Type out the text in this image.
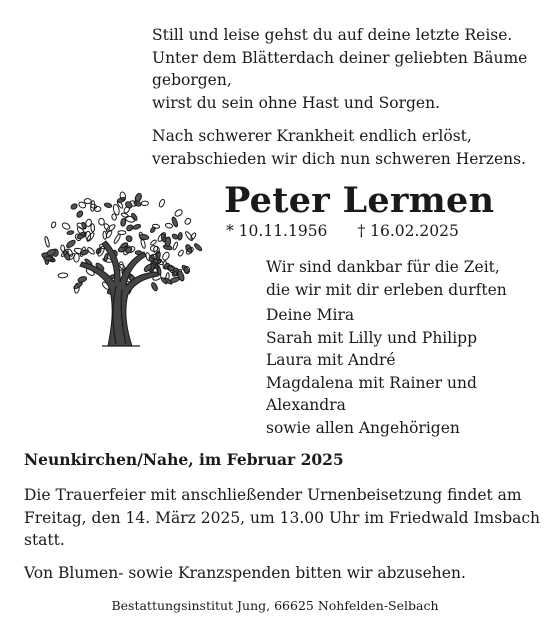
Still und leise gehst du auf deine letzte Reise.
Unter dem Blätterdach deiner geliebten Bäume
geborgen,
wirst du sein ohne Hast und Sorgen.
Nach schwerer Krankheit endlich erlöst,
verabschieden wir dich nun schweren Herzens.
Peter Lermen
* 10.11.1956 † 16.02.2025
Wir sind dankbar für die Zeit,
die wir mit dir erleben durften
Deine Mira
Sarah mit Lilly und Philipp
Laura mit André
Magdalena mit Rainer und
Alexandra
sowie allen Angehörigen
Neunkirchen/Nahe, im Februar 2025
Die Trauerfeier mit anschließender Urnenbeisetzung findet am
Freitag, den 14. März 2025, um 13.00 Uhr im Friedwald Imsbach
statt.
Von Blumen- sowie Kranzspenden bitten wir abzusehen.
Bestattungsinstitut Jung, 66625 Nohfelden-Selbach
